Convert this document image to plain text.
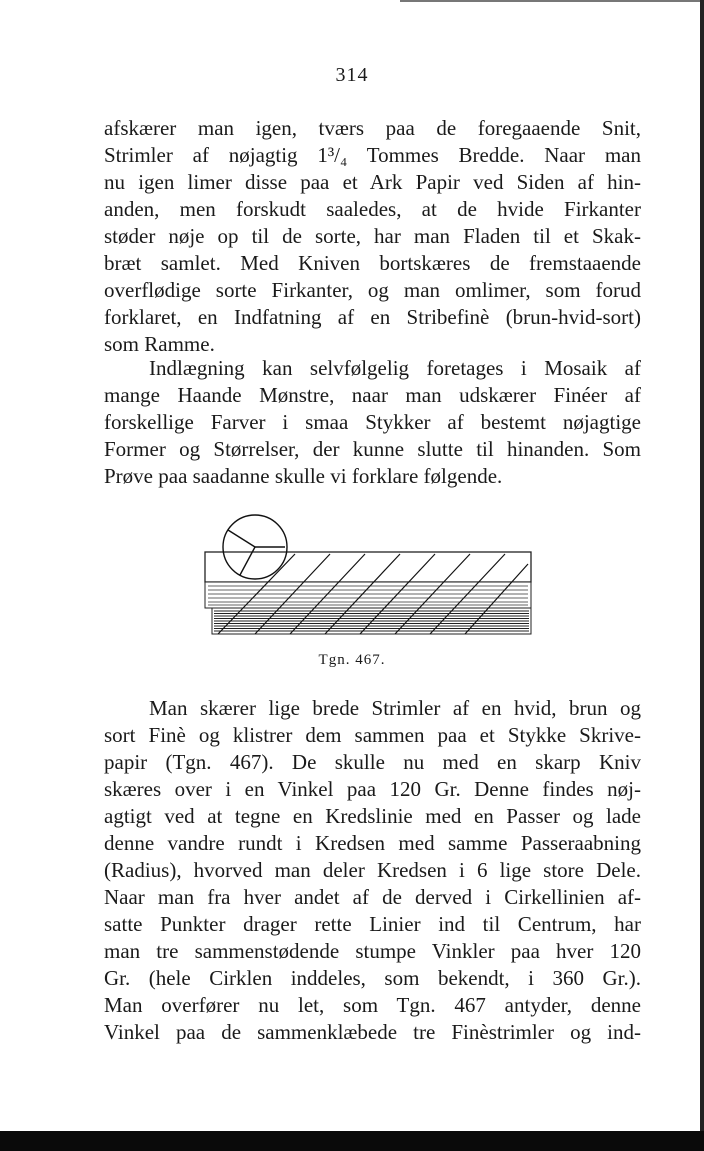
314
afskærer man igen, tværs paa de foregaaende Snit,
Strimler af nøjagtig 1³/₄ Tommes Bredde. Naar man
nu igen limer disse paa et Ark Papir ved Siden af hin-
anden, men forskudt saaledes, at de hvide Firkanter
støder nøje op til de sorte, har man Fladen til et Skak-
bræt samlet. Med Kniven bortskæres de fremstaaende
overflødige sorte Firkanter, og man omlimer, som forud
forklaret, en Indfatning af en Stribefinè (brun-hvid-sort)
som Ramme.
Indlægning kan selvfølgelig foretages i Mosaik af
mange Haande Mønstre, naar man udskærer Finéer af
forskellige Farver i smaa Stykker af bestemt nøjagtige
Former og Størrelser, der kunne slutte til hinanden. Som
Prøve paa saadanne skulle vi forklare følgende.
Tgn. 467.
Man skærer lige brede Strimler af en hvid, brun og
sort Finè og klistrer dem sammen paa et Stykke Skrive-
papir (Tgn. 467). De skulle nu med en skarp Kniv
skæres over i en Vinkel paa 120 Gr. Denne findes nøj-
agtigt ved at tegne en Kredslinie med en Passer og lade
denne vandre rundt i Kredsen med samme Passeraabning
(Radius), hvorved man deler Kredsen i 6 lige store Dele.
Naar man fra hver andet af de derved i Cirkellinien af-
satte Punkter drager rette Linier ind til Centrum, har
man tre sammenstødende stumpe Vinkler paa hver 120
Gr. (hele Cirklen inddeles, som bekendt, i 360 Gr.).
Man overfører nu let, som Tgn. 467 antyder, denne
Vinkel paa de sammenklæbede tre Finèstrimler og ind-
